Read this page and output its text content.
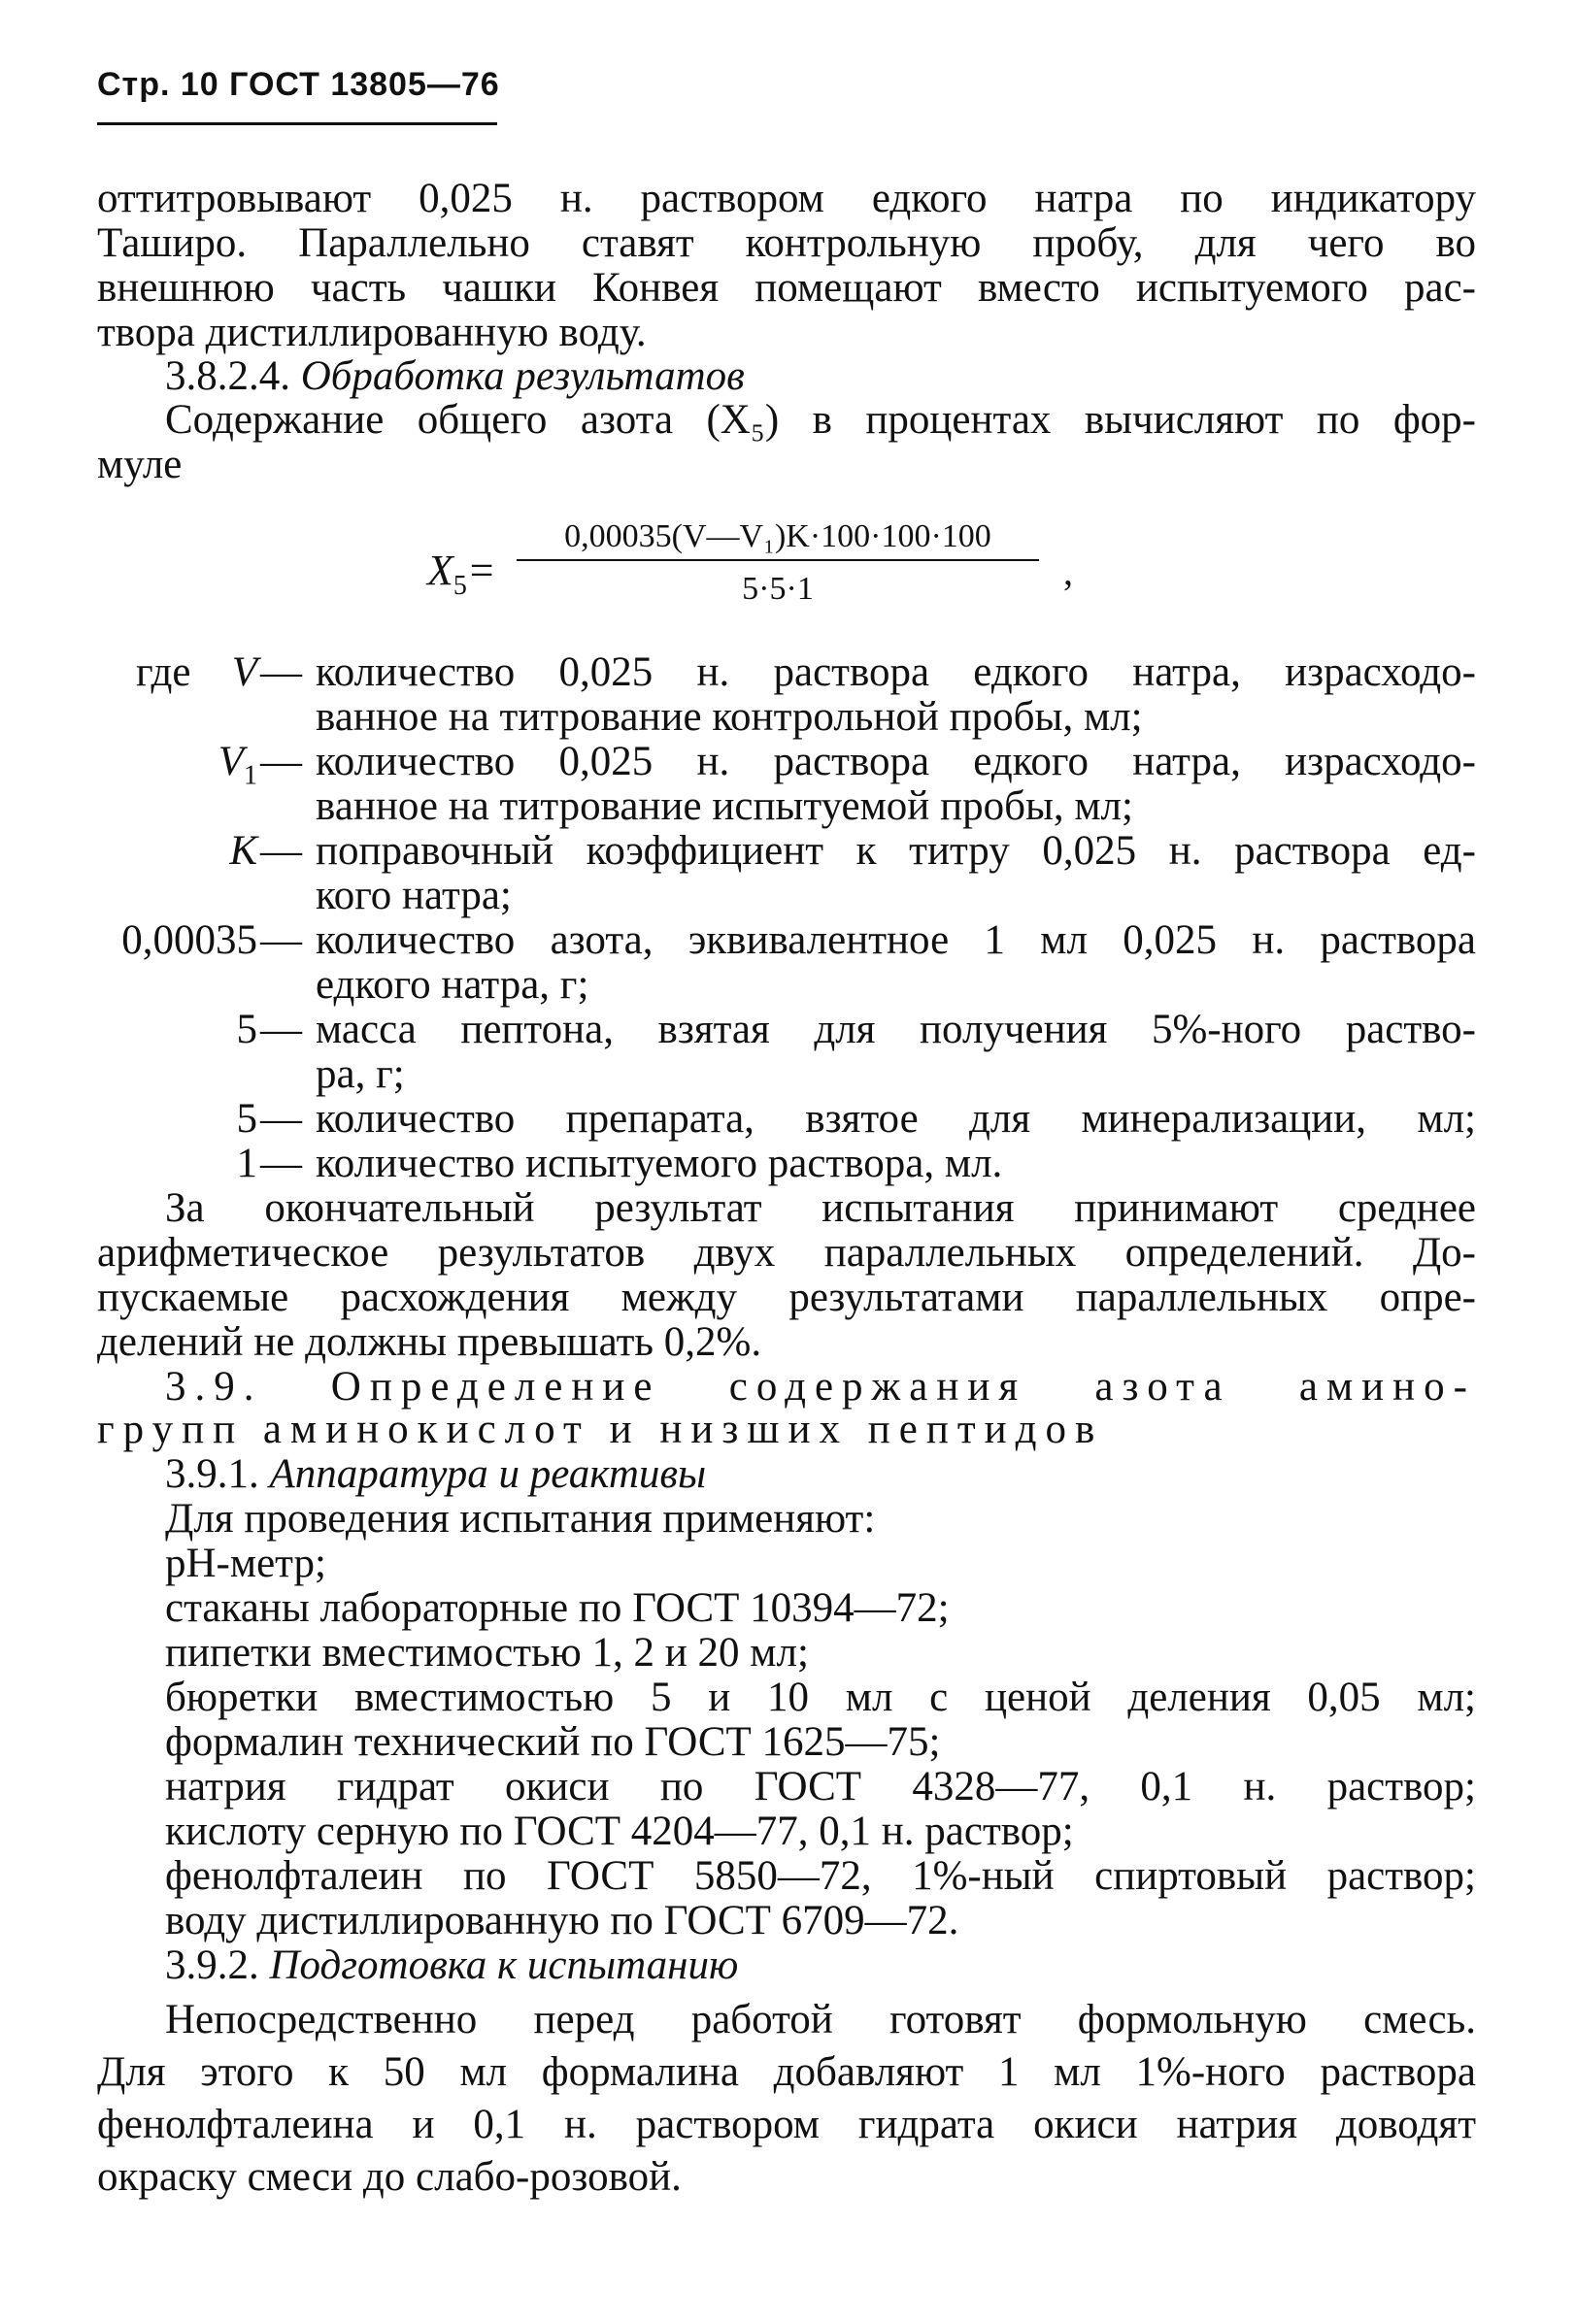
Стр. 10 ГОСТ 13805—76
оттитровывают 0,025 н. раствором едкого натра по индикатору
Таширо. Параллельно ставят контрольную пробу, для чего во
внешнюю часть чашки Конвея помещают вместо испытуемого рас-
твора дистиллированную воду.
3.8.2.4. Обработка результатов
Содержание общего азота (X₅) в процентах вычисляют по фор-
муле
$X_5=$
0,00035(V—V₁)K·100·100·100
5·5·1	,
где V — количество 0,025 н. раствора едкого натра, израсходо-
ванное на титрование контрольной пробы, мл;
$V_1$ — количество 0,025 н. раствора едкого натра, израсходо-
ванное на титрование испытуемой пробы, мл;
K — поправочный коэффициент к титру 0,025 н. раствора ед-
кого натра;
0,00035 — количество азота, эквивалентное 1 мл 0,025 н. раствора
едкого натра, г;
5 — масса пептона, взятая для получения 5%-ного раство-
ра, г;
5 — количество препарата, взятое для минерализации, мл;
1 — количество испытуемого раствора, мл.
За окончательный результат испытания принимают среднее
арифметическое результатов двух параллельных определений. До-
пускаемые расхождения между результатами параллельных опре-
делений не должны превышать 0,2%.
3.9. Определение содержания азота амино-
групп аминокислот и низших пептидов
3.9.1. Аппаратура и реактивы
Для проведения испытания применяют:
рН-метр;
стаканы лабораторные по ГОСТ 10394—72;
пипетки вместимостью 1, 2 и 20 мл;
бюретки вместимостью 5 и 10 мл с ценой деления 0,05 мл;
формалин технический по ГОСТ 1625—75;
натрия гидрат окиси по ГОСТ 4328—77, 0,1 н. раствор;
кислоту серную по ГОСТ 4204—77, 0,1 н. раствор;
фенолфталеин по ГОСТ 5850—72, 1%-ный спиртовый раствор;
воду дистиллированную по ГОСТ 6709—72.
3.9.2. Подготовка к испытанию
Непосредственно перед работой готовят формольную смесь.
Для этого к 50 мл формалина добавляют 1 мл 1%-ного раствора
фенолфталеина и 0,1 н. раствором гидрата окиси натрия доводят
окраску смеси до слабо-розовой.
